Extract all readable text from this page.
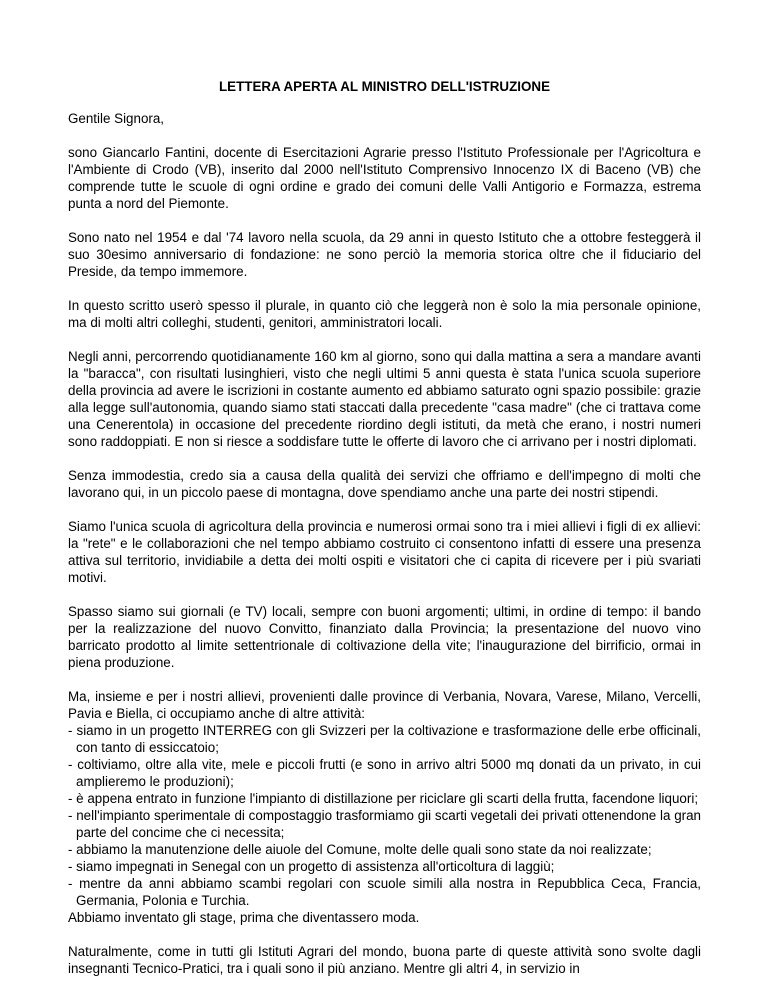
LETTERA APERTA AL MINISTRO DELL'ISTRUZIONE
Gentile Signora,
sono Giancarlo Fantini, docente di Esercitazioni Agrarie presso l'Istituto Professionale per l'Agricoltura e l'Ambiente di Crodo (VB), inserito dal 2000 nell'Istituto Comprensivo Innocenzo IX di Baceno (VB) che comprende tutte le scuole di ogni ordine e grado dei comuni delle Valli Antigorio e Formazza, estrema punta a nord del Piemonte.
Sono nato nel 1954 e dal '74 lavoro nella scuola, da 29 anni in questo Istituto che a ottobre festeggerà il suo 30esimo anniversario di fondazione: ne sono perciò la memoria storica oltre che il fiduciario del Preside, da tempo immemore.
In questo scritto userò spesso il plurale, in quanto ciò che leggerà non è solo la mia personale opinione, ma di molti altri colleghi, studenti, genitori, amministratori locali.
Negli anni, percorrendo quotidianamente 160 km al giorno, sono qui dalla mattina a sera a mandare avanti la "baracca", con risultati lusinghieri, visto che negli ultimi 5 anni questa è stata l'unica scuola superiore della provincia ad avere le iscrizioni in costante aumento ed abbiamo saturato ogni spazio possibile: grazie alla legge sull'autonomia, quando siamo stati staccati dalla precedente "casa madre" (che ci trattava come una Cenerentola) in occasione del precedente riordino degli istituti, da metà che erano, i nostri numeri sono raddoppiati. E non si riesce a soddisfare tutte le offerte di lavoro che ci arrivano per i nostri diplomati.
Senza immodestia, credo sia a causa della qualità dei servizi che offriamo e dell'impegno di molti che lavorano qui, in un piccolo paese di montagna, dove spendiamo anche una parte dei nostri stipendi.
Siamo l'unica scuola di agricoltura della provincia e numerosi ormai sono tra i miei allievi i figli di ex allievi: la "rete" e le collaborazioni che nel tempo abbiamo costruito ci consentono infatti di essere una presenza attiva sul territorio, invidiabile a detta dei molti ospiti e visitatori che ci capita di ricevere per i più svariati motivi.
Spasso siamo sui giornali (e TV) locali, sempre con buoni argomenti; ultimi, in ordine di tempo: il bando per la realizzazione del nuovo Convitto, finanziato dalla Provincia; la presentazione del nuovo vino barricato prodotto al limite settentrionale di coltivazione della vite; l'inaugurazione del birrificio, ormai in piena produzione.
Ma, insieme e per i nostri allievi, provenienti dalle province di Verbania, Novara, Varese, Milano, Vercelli, Pavia e Biella, ci occupiamo anche di altre attività:
- siamo in un progetto INTERREG con gli Svizzeri per la coltivazione e trasformazione delle erbe officinali, con tanto di essiccatoio;
- coltiviamo, oltre alla vite, mele e piccoli frutti (e sono in arrivo altri 5000 mq donati da un privato, in cui amplieremo le produzioni);
- è appena entrato in funzione l'impianto di distillazione per riciclare gli scarti della frutta, facendone liquori;
- nell'impianto sperimentale di compostaggio trasformiamo gii scarti vegetali dei privati ottenendone la gran parte del concime che ci necessita;
- abbiamo la manutenzione delle aiuole del Comune, molte delle quali sono state da noi realizzate;
- siamo impegnati in Senegal con un progetto di assistenza all'orticoltura di laggiù;
- mentre da anni abbiamo scambi regolari con scuole simili alla nostra in Repubblica Ceca, Francia, Germania, Polonia e Turchia.
Abbiamo inventato gli stage, prima che diventassero moda.
Naturalmente, come in tutti gli Istituti Agrari del mondo, buona parte di queste attività sono svolte dagli insegnanti Tecnico-Pratici, tra i quali sono il più anziano. Mentre gli altri 4, in servizio in
